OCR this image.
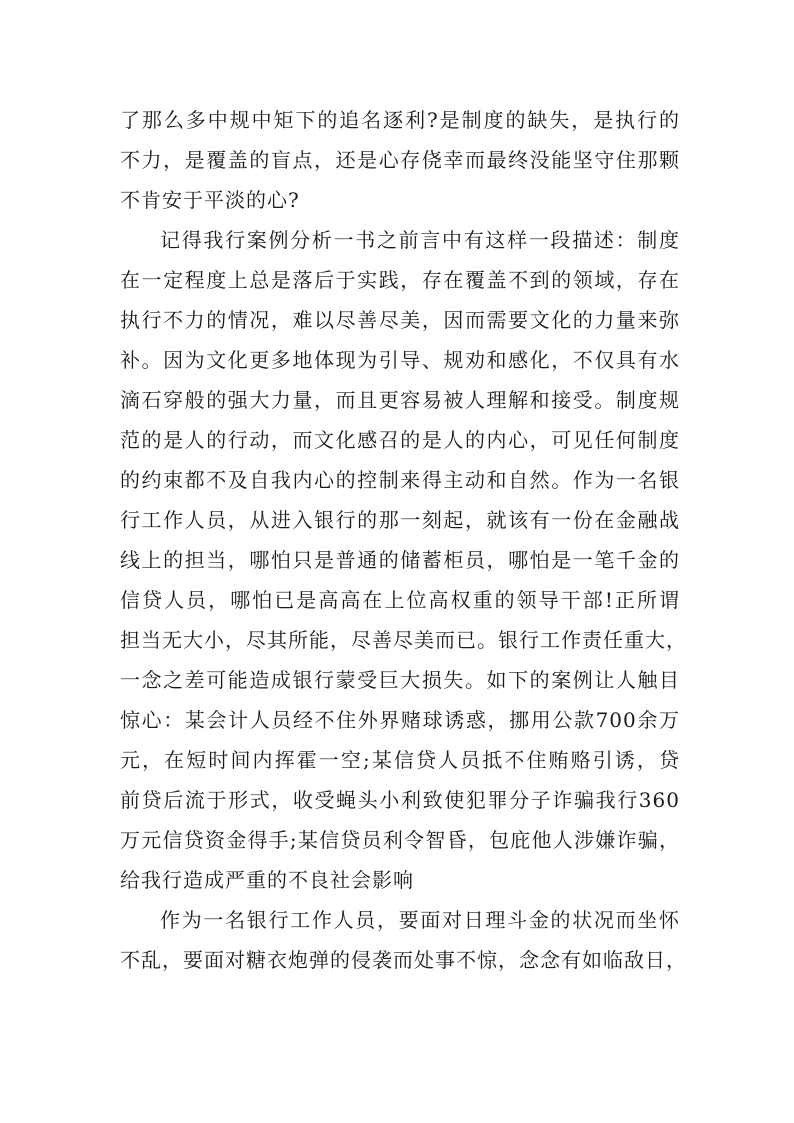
了那么多中规中矩下的追名逐利?是制度的缺失，是执行的
不力，是覆盖的盲点，还是心存侥幸而最终没能坚守住那颗
不肯安于平淡的心?
记得我行案例分析一书之前言中有这样一段描述：制度
在一定程度上总是落后于实践，存在覆盖不到的领域，存在
执行不力的情况，难以尽善尽美，因而需要文化的力量来弥
补。因为文化更多地体现为引导、规劝和感化，不仅具有水
滴石穿般的强大力量，而且更容易被人理解和接受。制度规
范的是人的行动，而文化感召的是人的内心，可见任何制度
的约束都不及自我内心的控制来得主动和自然。作为一名银
行工作人员，从进入银行的那一刻起，就该有一份在金融战
线上的担当，哪怕只是普通的储蓄柜员，哪怕是一笔千金的
信贷人员，哪怕已是高高在上位高权重的领导干部!正所谓
担当无大小，尽其所能，尽善尽美而已。银行工作责任重大，
一念之差可能造成银行蒙受巨大损失。如下的案例让人触目
惊心：某会计人员经不住外界赌球诱惑，挪用公款700余万
元，在短时间内挥霍一空;某信贷人员抵不住贿赂引诱，贷
前贷后流于形式，收受蝇头小利致使犯罪分子诈骗我行360
万元信贷资金得手;某信贷员利令智昏，包庇他人涉嫌诈骗，
给我行造成严重的不良社会影响
作为一名银行工作人员，要面对日理斗金的状况而坐怀
不乱，要面对糖衣炮弹的侵袭而处事不惊，念念有如临敌日，
